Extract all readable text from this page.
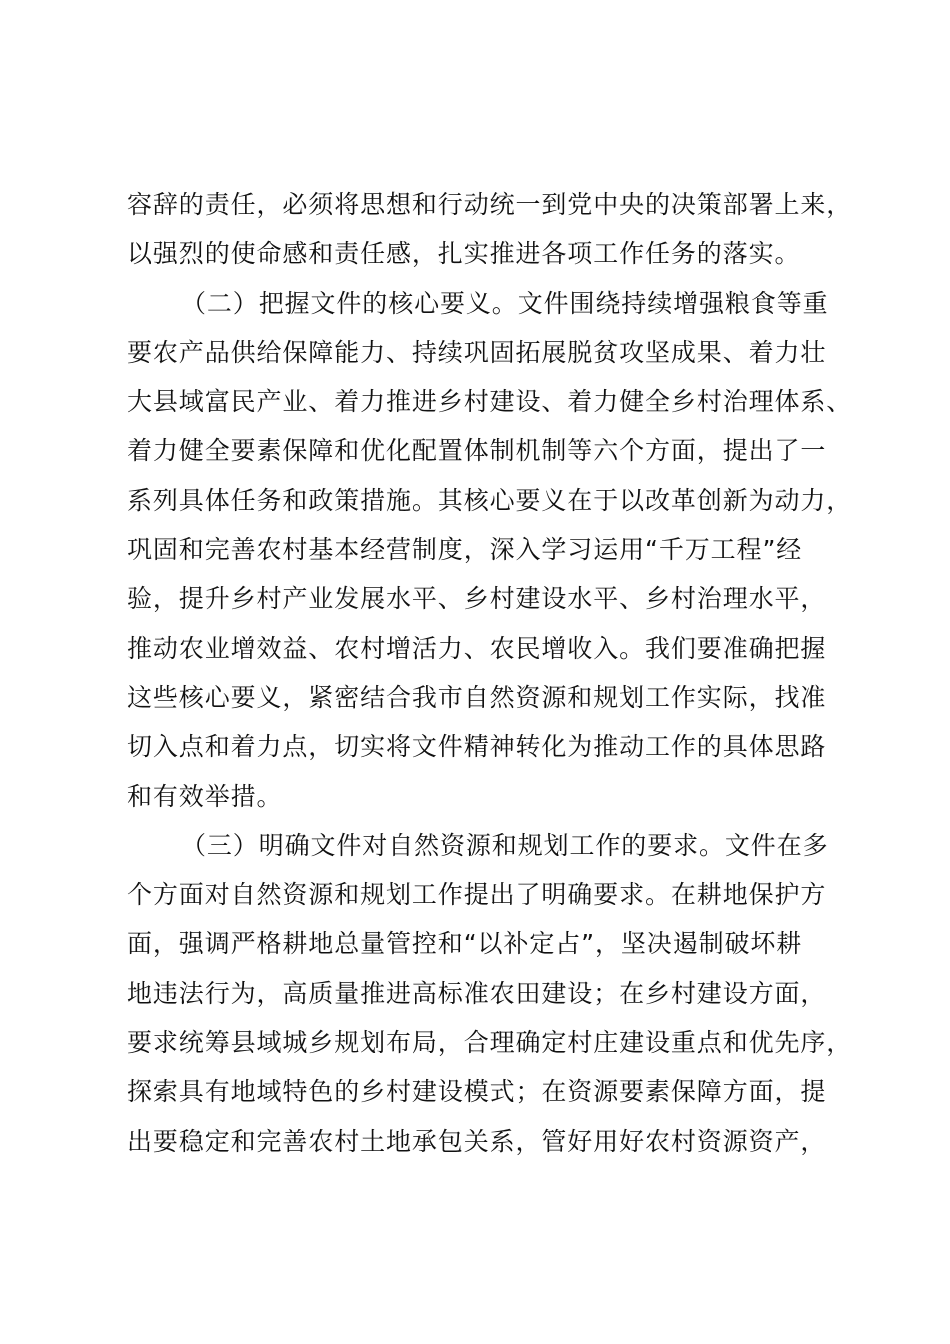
容辞的责任，必须将思想和行动统一到党中央的决策部署上来，
以强烈的使命感和责任感，扎实推进各项工作任务的落实。
（二）把握文件的核心要义。文件围绕持续增强粮食等重
要农产品供给保障能力、持续巩固拓展脱贫攻坚成果、着力壮
大县域富民产业、着力推进乡村建设、着力健全乡村治理体系、
着力健全要素保障和优化配置体制机制等六个方面，提出了一
系列具体任务和政策措施。其核心要义在于以改革创新为动力，
巩固和完善农村基本经营制度，深入学习运用“千万工程”经
验，提升乡村产业发展水平、乡村建设水平、乡村治理水平，
推动农业增效益、农村增活力、农民增收入。我们要准确把握
这些核心要义，紧密结合我市自然资源和规划工作实际，找准
切入点和着力点，切实将文件精神转化为推动工作的具体思路
和有效举措。
（三）明确文件对自然资源和规划工作的要求。文件在多
个方面对自然资源和规划工作提出了明确要求。在耕地保护方
面，强调严格耕地总量管控和“以补定占”，坚决遏制破坏耕
地违法行为，高质量推进高标准农田建设；在乡村建设方面，
要求统筹县域城乡规划布局，合理确定村庄建设重点和优先序，
探索具有地域特色的乡村建设模式；在资源要素保障方面，提
出要稳定和完善农村土地承包关系，管好用好农村资源资产，
